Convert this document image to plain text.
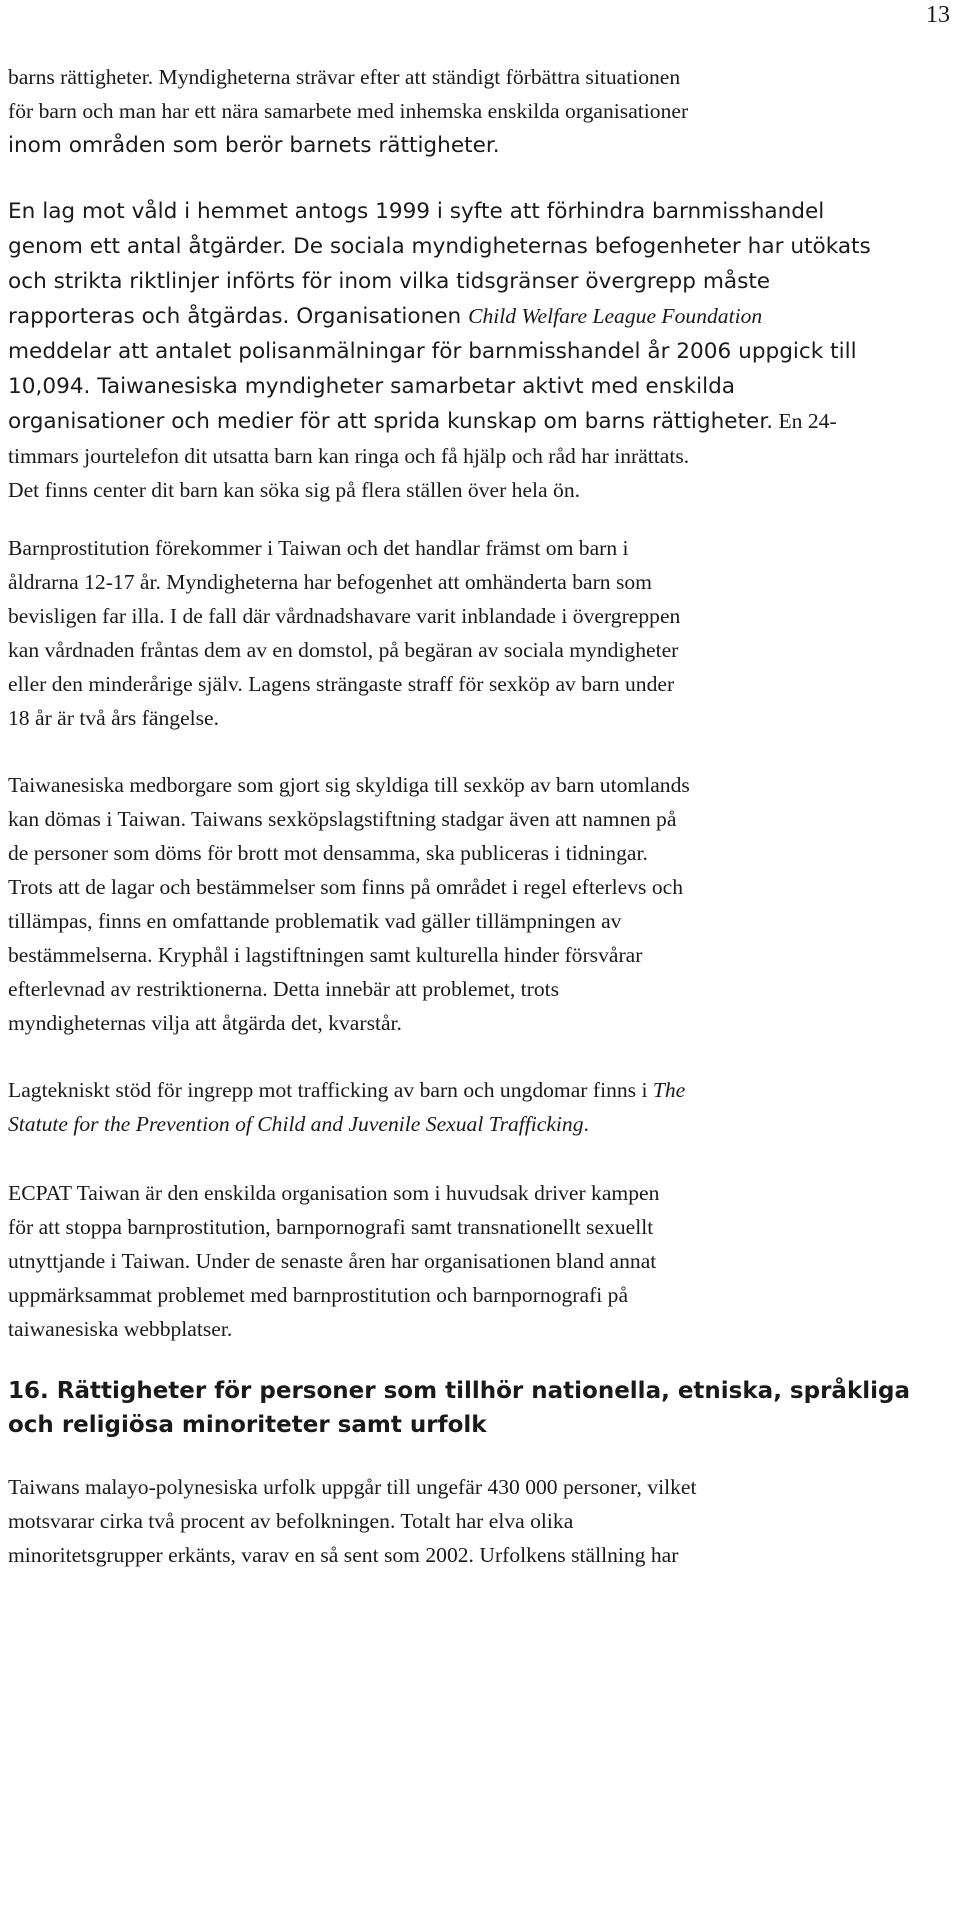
13
barns rättigheter. Myndigheterna strävar efter att ständigt förbättra situationen
för barn och man har ett nära samarbete med inhemska enskilda organisationer
inom områden som berör barnets rättigheter.
En lag mot våld i hemmet antogs 1999 i syfte att förhindra barnmisshandel
genom ett antal åtgärder. De sociala myndigheternas befogenheter har utökats
och strikta riktlinjer införts för inom vilka tidsgränser övergrepp måste
rapporteras och åtgärdas. Organisationen Child Welfare League Foundation
meddelar att antalet polisanmälningar för barnmisshandel år 2006 uppgick till
10,094. Taiwanesiska myndigheter samarbetar aktivt med enskilda
organisationer och medier för att sprida kunskap om barns rättigheter. En 24-
timmars jourtelefon dit utsatta barn kan ringa och få hjälp och råd har inrättats.
Det finns center dit barn kan söka sig på flera ställen över hela ön.
Barnprostitution förekommer i Taiwan och det handlar främst om barn i
åldrarna 12-17 år. Myndigheterna har befogenhet att omhänderta barn som
bevisligen far illa. I de fall där vårdnadshavare varit inblandade i övergreppen
kan vårdnaden fråntas dem av en domstol, på begäran av sociala myndigheter
eller den minderårige själv. Lagens strängaste straff för sexköp av barn under
18 år är två års fängelse.
Taiwanesiska medborgare som gjort sig skyldiga till sexköp av barn utomlands
kan dömas i Taiwan. Taiwans sexköpslagstiftning stadgar även att namnen på
de personer som döms för brott mot densamma, ska publiceras i tidningar.
Trots att de lagar och bestämmelser som finns på området i regel efterlevs och
tillämpas, finns en omfattande problematik vad gäller tillämpningen av
bestämmelserna. Kryphål i lagstiftningen samt kulturella hinder försvårar
efterlevnad av restriktionerna. Detta innebär att problemet, trots
myndigheternas vilja att åtgärda det, kvarstår.
Lagtekniskt stöd för ingrepp mot trafficking av barn och ungdomar finns i The
Statute for the Prevention of Child and Juvenile Sexual Trafficking.
ECPAT Taiwan är den enskilda organisation som i huvudsak driver kampen
för att stoppa barnprostitution, barnpornografi samt transnationellt sexuellt
utnyttjande i Taiwan. Under de senaste åren har organisationen bland annat
uppmärksammat problemet med barnprostitution och barnpornografi på
taiwanesiska webbplatser.
16. Rättigheter för personer som tillhör nationella, etniska, språkliga
och religiösa minoriteter samt urfolk
Taiwans malayo-polynesiska urfolk uppgår till ungefär 430 000 personer, vilket
motsvarar cirka två procent av befolkningen. Totalt har elva olika
minoritetsgrupper erkänts, varav en så sent som 2002. Urfolkens ställning har
